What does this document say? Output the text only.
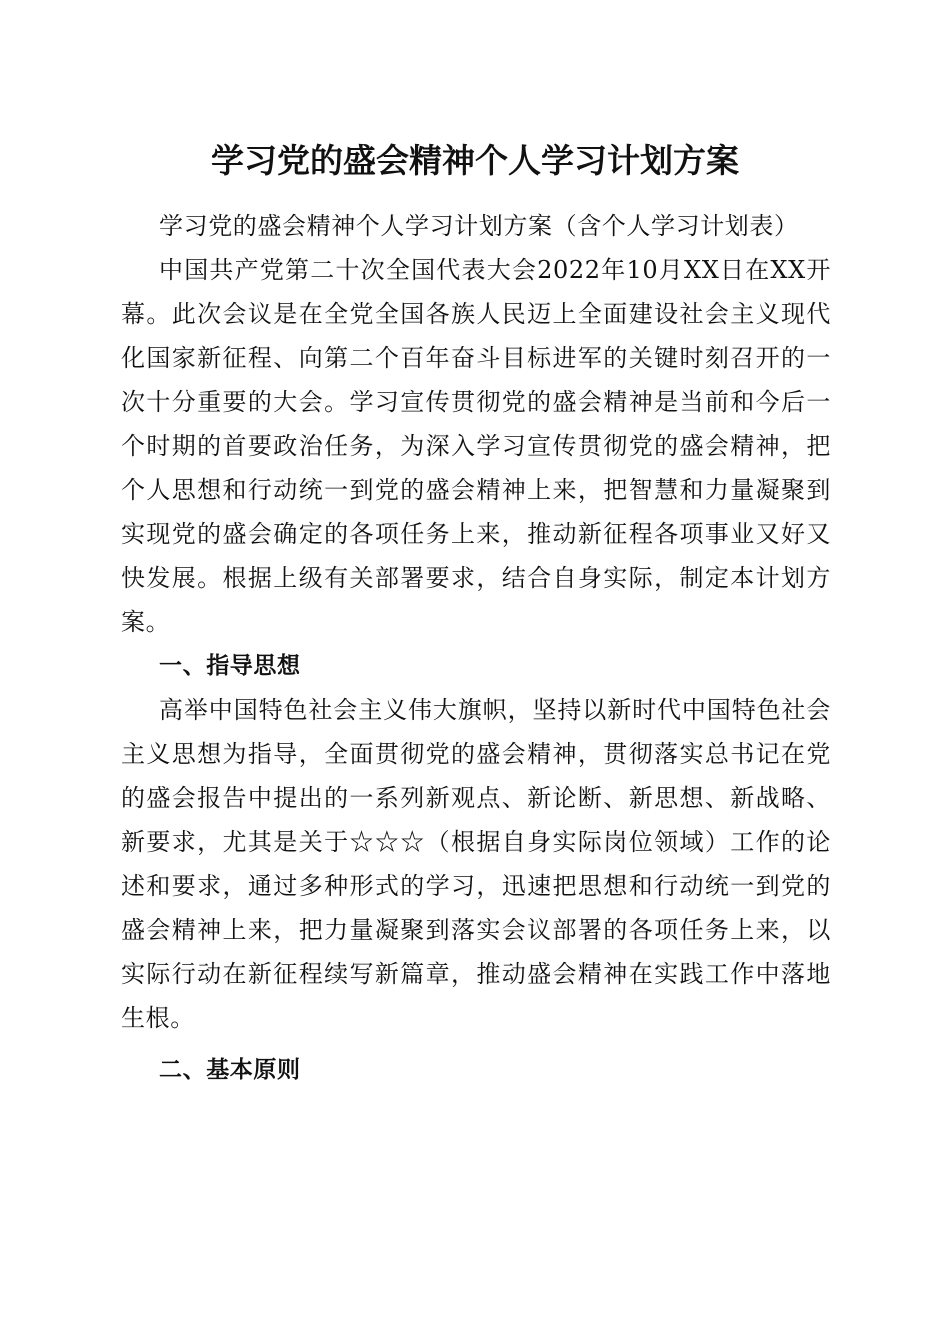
学习党的盛会精神个人学习计划方案

学习党的盛会精神个人学习计划方案（含个人学习计划表）

中国共产党第二十次全国代表大会2022年10月XX日在XX开幕。此次会议是在全党全国各族人民迈上全面建设社会主义现代化国家新征程、向第二个百年奋斗目标进军的关键时刻召开的一次十分重要的大会。学习宣传贯彻党的盛会精神是当前和今后一个时期的首要政治任务，为深入学习宣传贯彻党的盛会精神，把个人思想和行动统一到党的盛会精神上来，把智慧和力量凝聚到实现党的盛会确定的各项任务上来，推动新征程各项事业又好又快发展。根据上级有关部署要求，结合自身实际，制定本计划方案。

一、指导思想

高举中国特色社会主义伟大旗帜，坚持以新时代中国特色社会主义思想为指导，全面贯彻党的盛会精神，贯彻落实总书记在党的盛会报告中提出的一系列新观点、新论断、新思想、新战略、新要求，尤其是关于☆☆☆（根据自身实际岗位领域）工作的论述和要求，通过多种形式的学习，迅速把思想和行动统一到党的盛会精神上来，把力量凝聚到落实会议部署的各项任务上来，以实际行动在新征程续写新篇章，推动盛会精神在实践工作中落地生根。

二、基本原则
